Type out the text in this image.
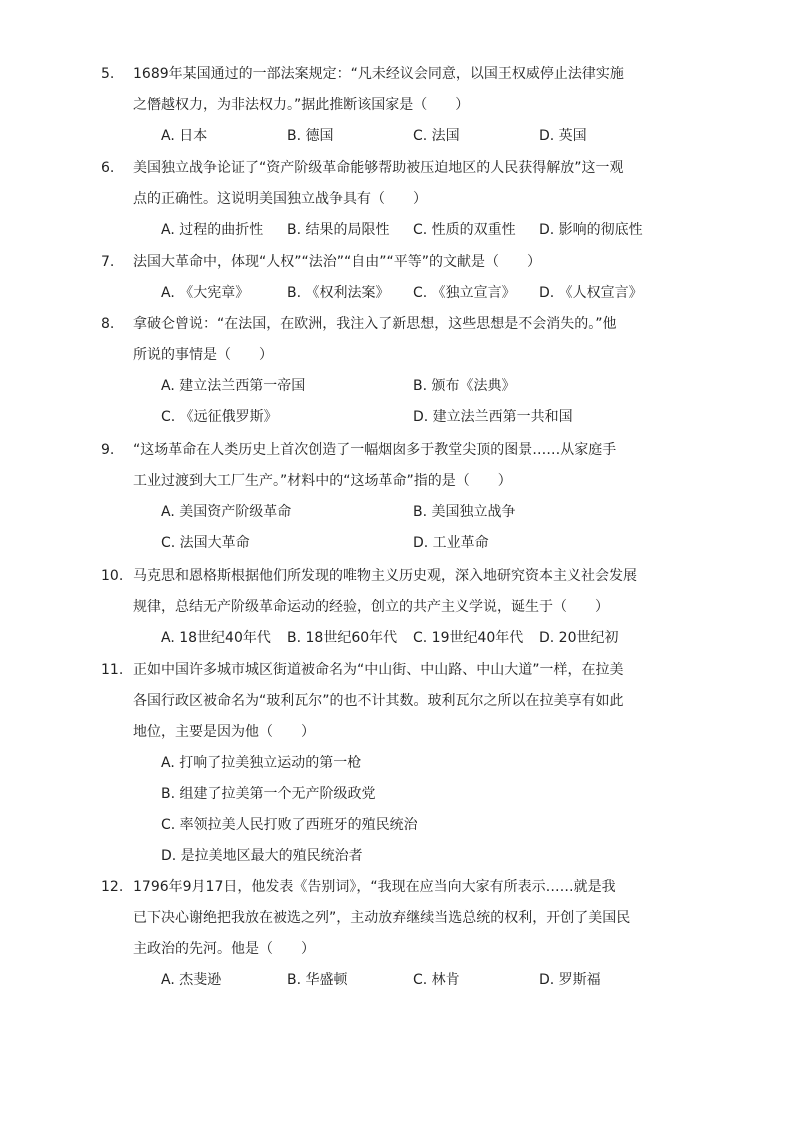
5.	1689年某国通过的一部法案规定：“凡未经议会同意，以国王权威停止法律实施
之僭越权力，为非法权力。”据此推断该国家是（　　）
A. 日本	B. 德国	C. 法国	D. 英国
6.	美国独立战争论证了“资产阶级革命能够帮助被压迫地区的人民获得解放”这一观
点的正确性。这说明美国独立战争具有（　　）
A. 过程的曲折性 B. 结果的局限性 C. 性质的双重性 D. 影响的彻底性
7.	法国大革命中，体现“人权”“法治”“自由”“平等”的文献是（　　）
A. 《大宪章》	B. 《权利法案》 C. 《独立宣言》 D. 《人权宣言》
8.	拿破仑曾说：“在法国，在欧洲，我注入了新思想，这些思想是不会消失的。”他
所说的事情是（　　）
A. 建立法兰西第一帝国	B. 颁布《法典》
C. 《远征俄罗斯》	D. 建立法兰西第一共和国
9.	“这场革命在人类历史上首次创造了一幅烟囱多于教堂尖顶的图景……从家庭手
工业过渡到大工厂生产。”材料中的“这场革命”指的是（　　）
A. 美国资产阶级革命	B. 美国独立战争
C. 法国大革命	D. 工业革命
10. 马克思和恩格斯根据他们所发现的唯物主义历史观，深入地研究资本主义社会发展
规律，总结无产阶级革命运动的经验，创立的共产主义学说，诞生于（　　）
A. 18世纪40年代 B. 18世纪60年代 C. 19世纪40年代 D. 20世纪初
11. 正如中国许多城市城区街道被命名为“中山街、中山路、中山大道”一样，在拉美
各国行政区被命名为“玻利瓦尔”的也不计其数。玻利瓦尔之所以在拉美享有如此
地位，主要是因为他（　　）
A. 打响了拉美独立运动的第一枪
B. 组建了拉美第一个无产阶级政党
C. 率领拉美人民打败了西班牙的殖民统治
D. 是拉美地区最大的殖民统治者
12. 1796年9月17日，他发表《告别词》，“我现在应当向大家有所表示……就是我
已下决心谢绝把我放在被选之列”，主动放弃继续当选总统的权利，开创了美国民
主政治的先河。他是（　　）
A. 杰斐逊	B. 华盛顿	C. 林肯	D. 罗斯福
